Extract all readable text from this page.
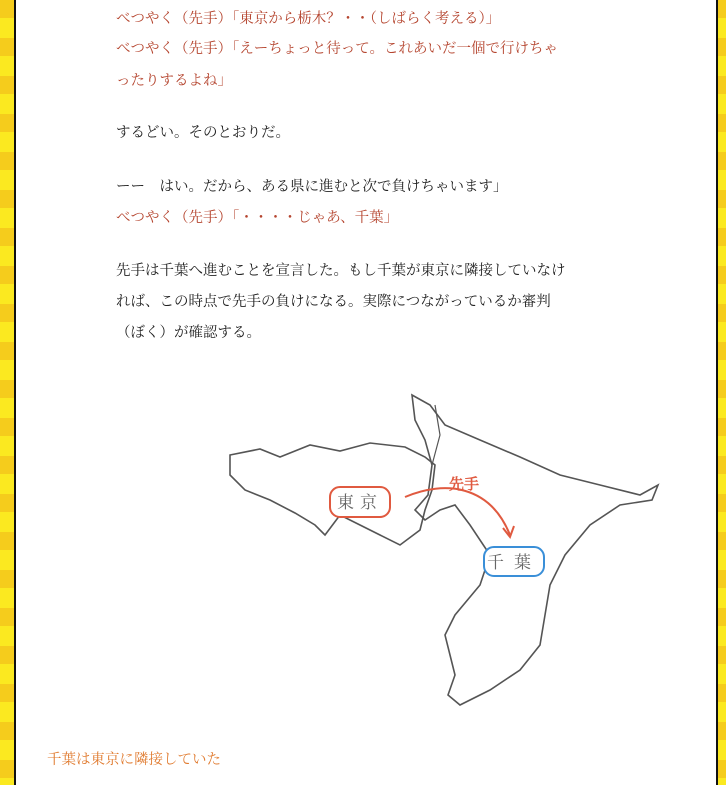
べつやく（先手）「東京から栃木？・・（しばらく考える）」
べつやく（先手）「えーちょっと待って。これあいだ一個で行けちゃ
ったりするよね」
するどい。そのとおりだ。
ーー　はい。だから、ある県に進むと次で負けちゃいます」
べつやく（先手）「・・・・じゃあ、千葉」
先手は千葉へ進むことを宣言した。もし千葉が東京に隣接していなけ
れば、この時点で先手の負けになる。実際につながっているか審判
（ぼく）が確認する。
東京
先手
千葉
千葉は東京に隣接していた
